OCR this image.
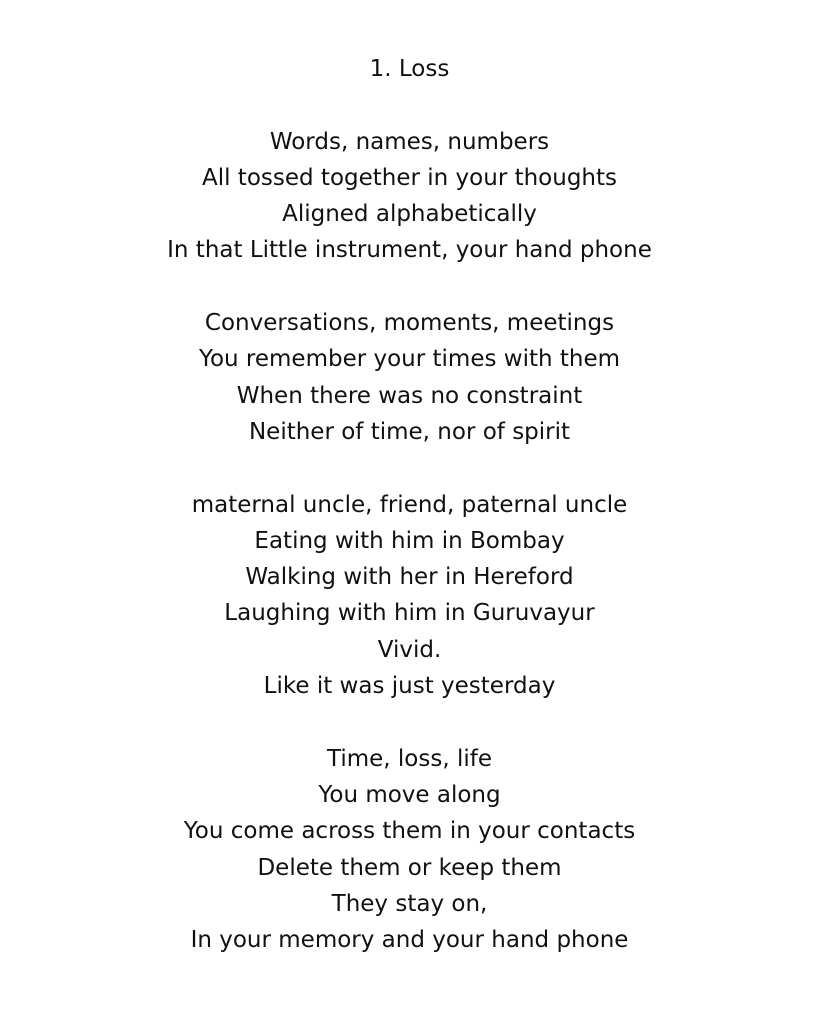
1. Loss
Words, names, numbers
All tossed together in your thoughts
Aligned alphabetically
In that Little instrument, your hand phone
Conversations, moments, meetings
You remember your times with them
When there was no constraint
Neither of time, nor of spirit
maternal uncle, friend, paternal uncle
Eating with him in Bombay
Walking with her in Hereford
Laughing with him in Guruvayur
Vivid.
Like it was just yesterday
Time, loss, life
You move along
You come across them in your contacts
Delete them or keep them
They stay on,
In your memory and your hand phone
